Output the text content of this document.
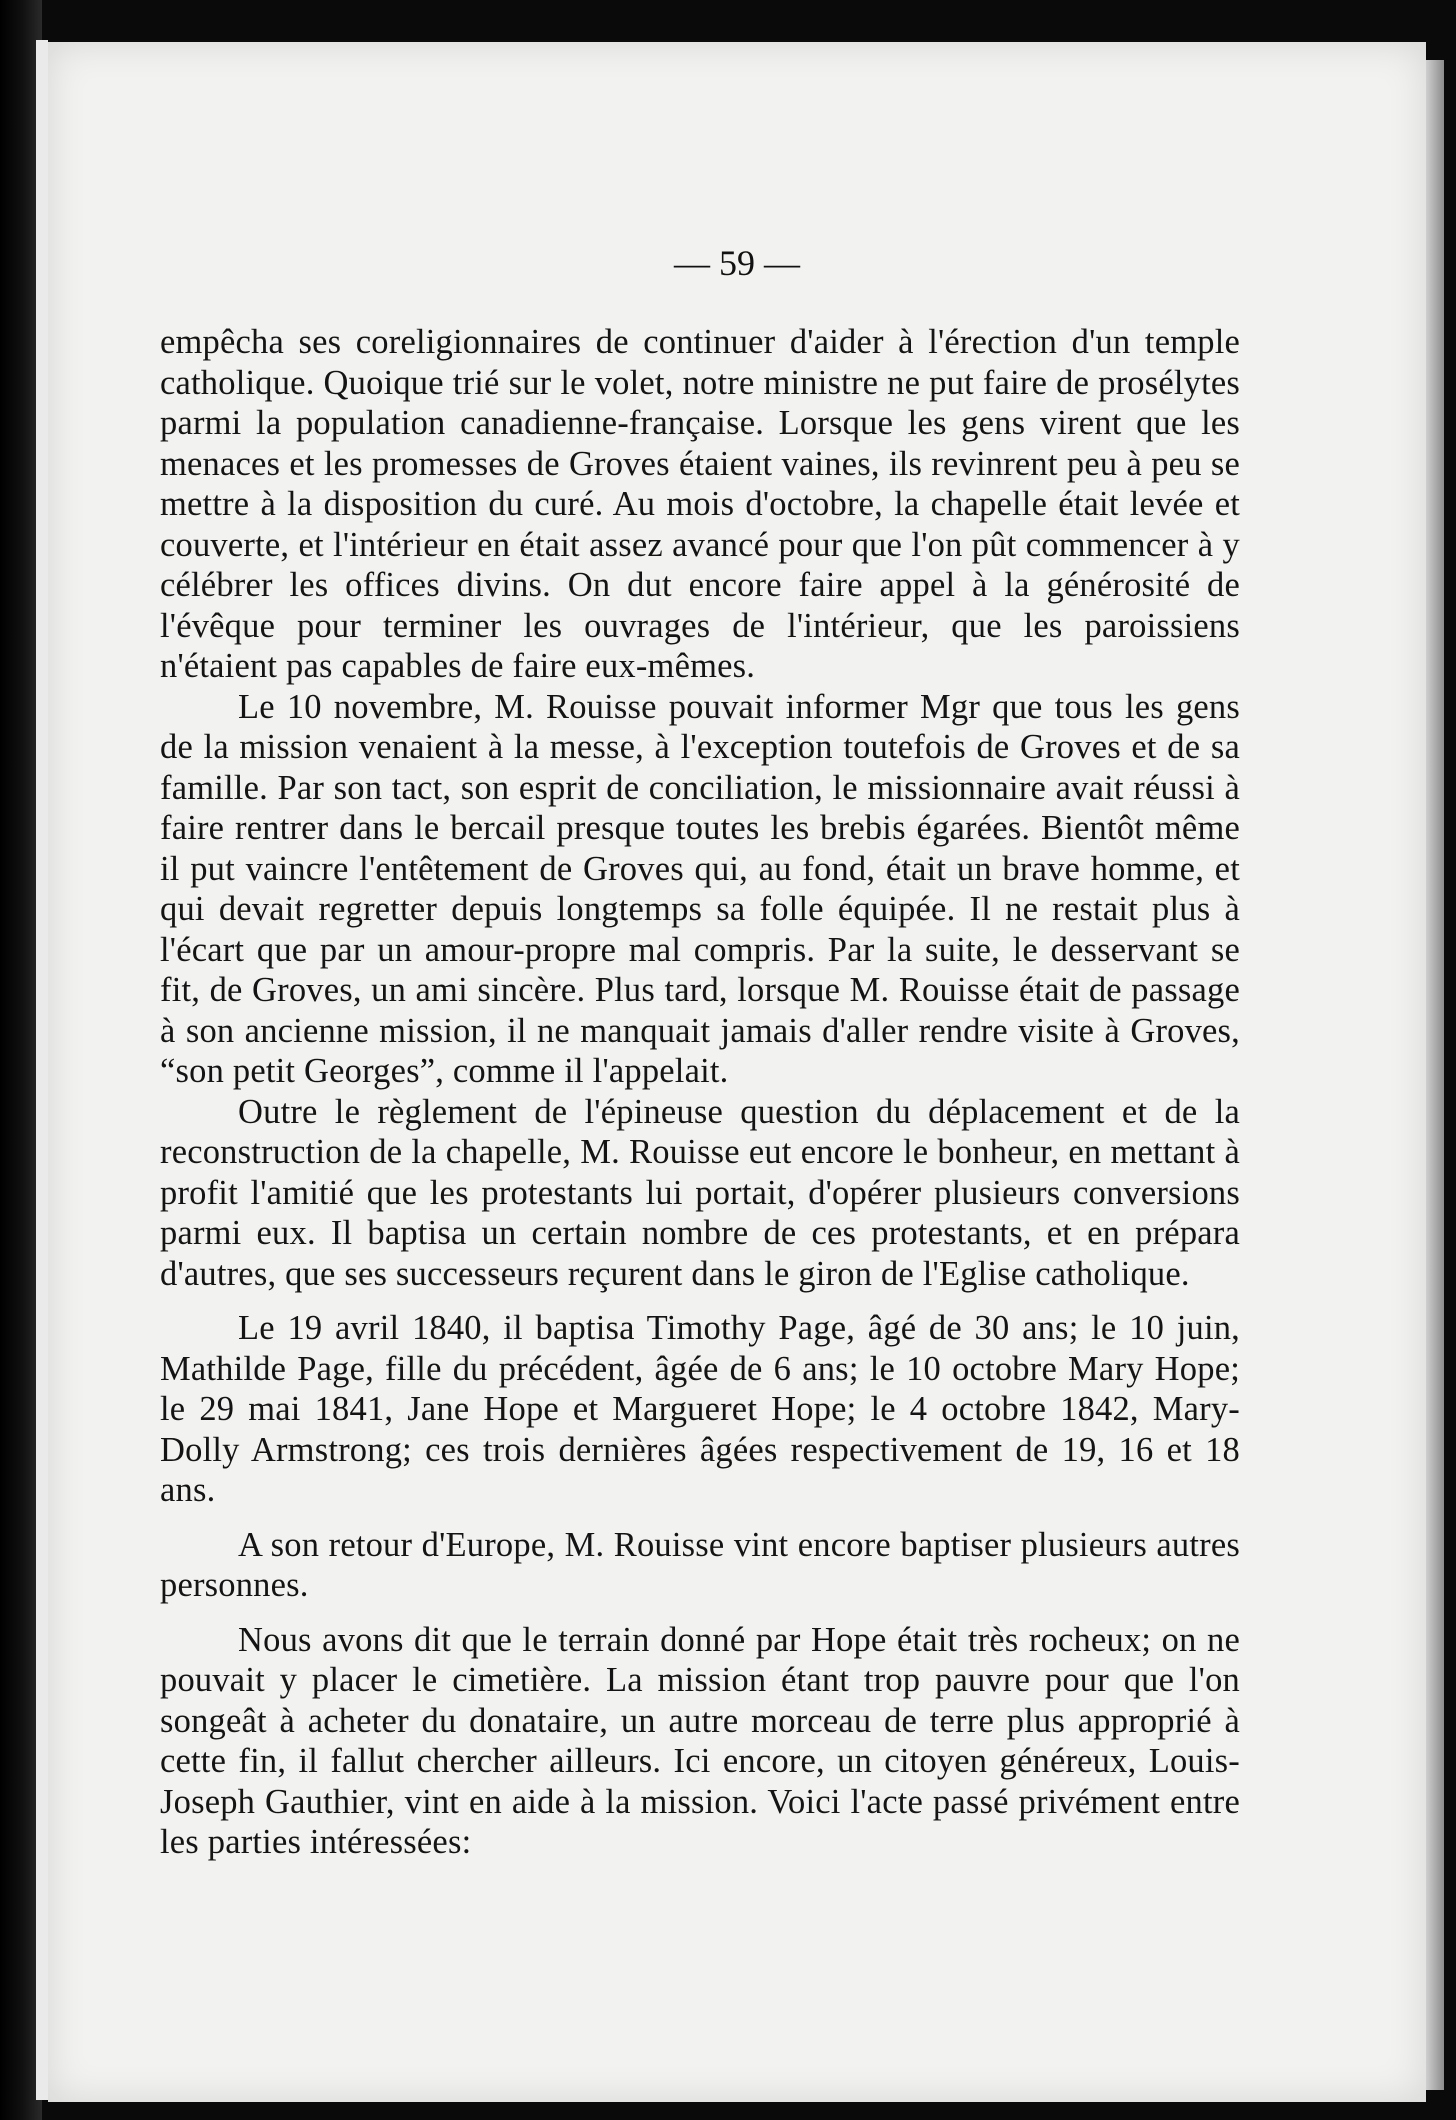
— 59 —

empêcha ses coreligionnaires de continuer d'aider à l'érection d'un temple catholique. Quoique trié sur le volet, notre ministre ne put faire de prosélytes parmi la population canadienne-française. Lorsque les gens virent que les menaces et les promesses de Groves étaient vaines, ils revinrent peu à peu se mettre à la disposition du curé. Au mois d'octobre, la chapelle était levée et couverte, et l'intérieur en était assez avancé pour que l'on pût commencer à y célébrer les offices divins. On dut encore faire appel à la générosité de l'évêque pour terminer les ouvrages de l'intérieur, que les paroissiens n'étaient pas capables de faire eux-mêmes.

Le 10 novembre, M. Rouisse pouvait informer Mgr que tous les gens de la mission venaient à la messe, à l'exception toutefois de Groves et de sa famille. Par son tact, son esprit de conciliation, le missionnaire avait réussi à faire rentrer dans le bercail presque toutes les brebis égarées. Bientôt même il put vaincre l'entêtement de Groves qui, au fond, était un brave homme, et qui devait regretter depuis longtemps sa folle équipée. Il ne restait plus à l'écart que par un amour-propre mal compris. Par la suite, le desservant se fit, de Groves, un ami sincère. Plus tard, lorsque M. Rouisse était de passage à son ancienne mission, il ne manquait jamais d'aller rendre visite à Groves, “son petit Georges”, comme il l'appelait.

Outre le règlement de l'épineuse question du déplacement et de la reconstruction de la chapelle, M. Rouisse eut encore le bonheur, en mettant à profit l'amitié que les protestants lui portait, d'opérer plusieurs conversions parmi eux. Il baptisa un certain nombre de ces protestants, et en prépara d'autres, que ses successeurs reçurent dans le giron de l'Eglise catholique.

Le 19 avril 1840, il baptisa Timothy Page, âgé de 30 ans; le 10 juin, Mathilde Page, fille du précédent, âgée de 6 ans; le 10 octobre Mary Hope; le 29 mai 1841, Jane Hope et Marguerеt Hope; le 4 octobre 1842, Mary-Dolly Armstrong; ces trois dernières âgées respectivement de 19, 16 et 18 ans.

A son retour d'Europe, M. Rouisse vint encore baptiser plusieurs autres personnes.

Nous avons dit que le terrain donné par Hope était très rocheux; on ne pouvait y placer le cimetière. La mission étant trop pauvre pour que l'on songeât à acheter du donataire, un autre morceau de terre plus approprié à cette fin, il fallut chercher ailleurs. Ici encore, un citoyen généreux, Louis-Joseph Gauthier, vint en aide à la mission. Voici l'acte passé privément entre les parties intéressées:
